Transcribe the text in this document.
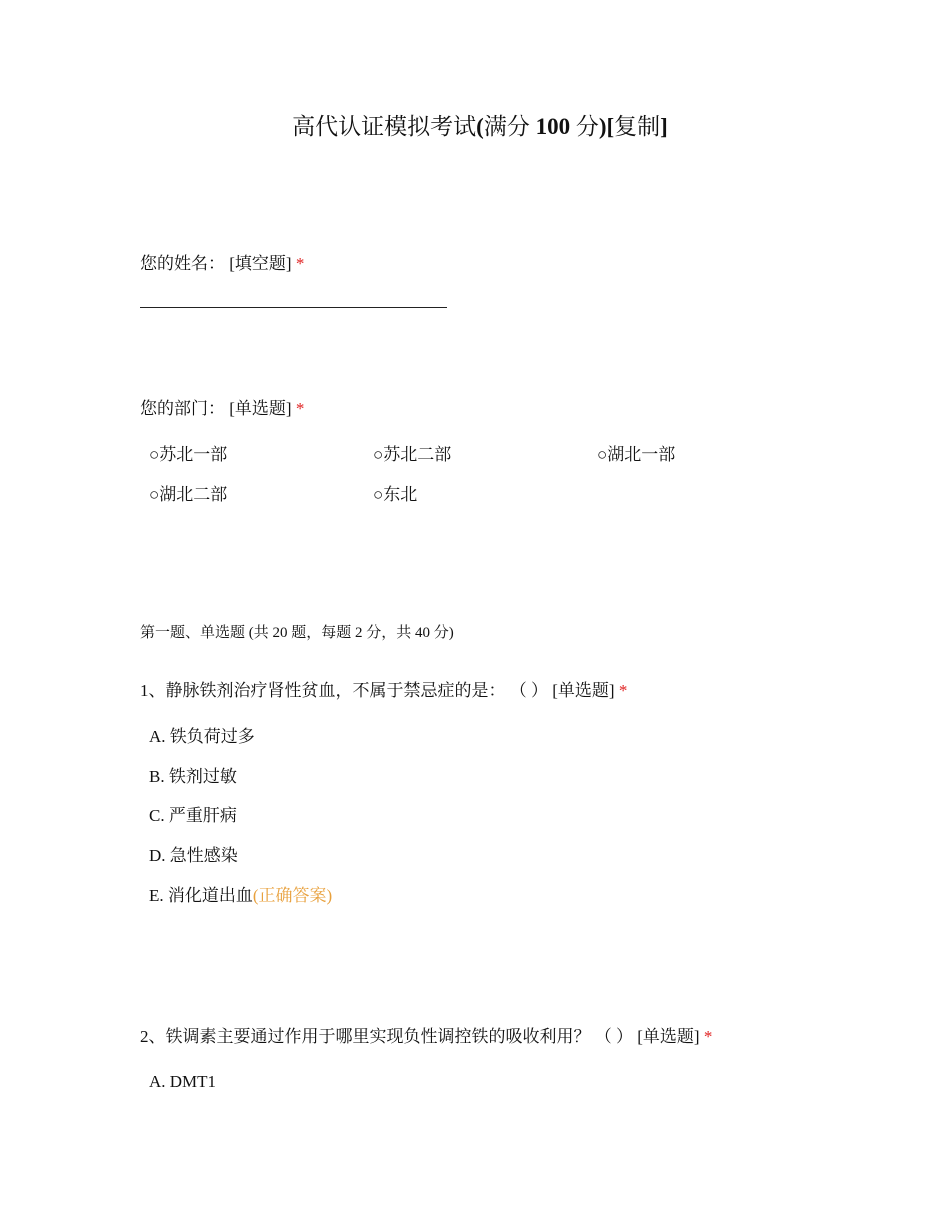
高代认证模拟考试(满分 100 分)[复制]
您的姓名： [填空题] *
您的部门： [单选题] *
○苏北一部	○苏北二部	○湖北一部
○湖北二部	○东北
第一题、单选题 (共 20 题，每题 2 分，共 40 分)
1、静脉铁剂治疗肾性贫血，不属于禁忌症的是： （ ） [单选题] *
A. 铁负荷过多
B. 铁剂过敏
C. 严重肝病
D. 急性感染
E. 消化道出血(正确答案)
2、铁调素主要通过作用于哪里实现负性调控铁的吸收利用？ （ ） [单选题] *
A. DMT1
